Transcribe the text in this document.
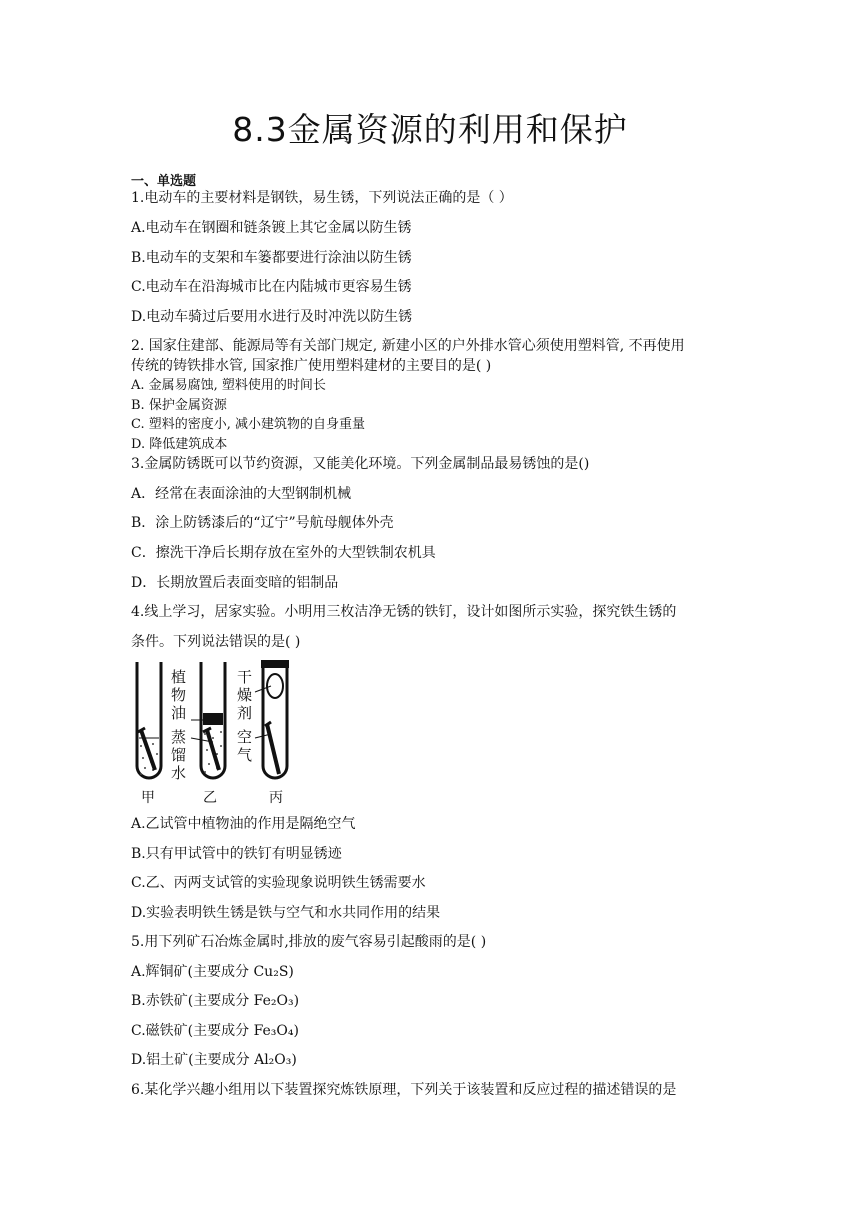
8.3金属资源的利用和保护
一、单选题
1.电动车的主要材料是钢铁，易生锈，下列说法正确的是（ ）
A.电动车在钢圈和链条镀上其它金属以防生锈
B.电动车的支架和车篓都要进行涂油以防生锈
C.电动车在沿海城市比在内陆城市更容易生锈
D.电动车骑过后要用水进行及时冲洗以防生锈
2. 国家住建部、能源局等有关部门规定, 新建小区的户外排水管心须使用塑料管, 不再使用
传统的铸铁排水管, 国家推广使用塑料建材的主要目的是( )
A. 金属易腐蚀, 塑料使用的时间长
B. 保护金属资源
C. 塑料的密度小, 减小建筑物的自身重量
D. 降低建筑成本
3.金属防锈既可以节约资源，又能美化环境。下列金属制品最易锈蚀的是()
A．经常在表面涂油的大型钢制机械
B．涂上防锈漆后的“辽宁”号航母舰体外壳
C．擦洗干净后长期存放在室外的大型铁制农机具
D．长期放置后表面变暗的铝制品
4.线上学习，居家实验。小明用三枚洁净无锈的铁钉，设计如图所示实验，探究铁生锈的
条件。下列说法错误的是( )
植
物
油
蒸
馏
水
干
燥
剂
空
气
甲	乙	丙
A.乙试管中植物油的作用是隔绝空气
B.只有甲试管中的铁钉有明显锈迹
C.乙、丙两支试管的实验现象说明铁生锈需要水
D.实验表明铁生锈是铁与空气和水共同作用的结果
5.用下列矿石冶炼金属时,排放的废气容易引起酸雨的是( )
A.辉铜矿(主要成分 Cu₂S)
B.赤铁矿(主要成分 Fe₂O₃)
C.磁铁矿(主要成分 Fe₃O₄)
D.铝土矿(主要成分 Al₂O₃)
6.某化学兴趣小组用以下装置探究炼铁原理，下列关于该装置和反应过程的描述错误的是
